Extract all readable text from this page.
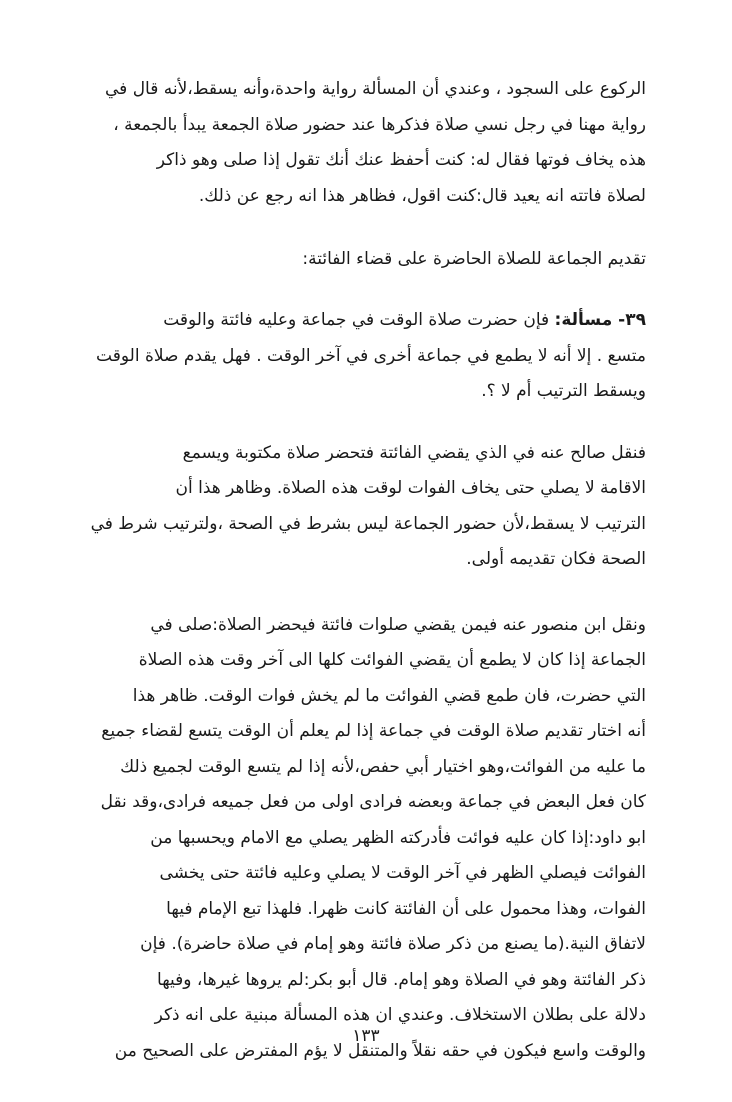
الركوع على السجود ، وعندي أن المسألة رواية واحدة،وأنه يسقط،لأنه قال في
رواية مهنا في رجل نسي صلاة فذكرها عند حضور صلاة الجمعة يبدأ بالجمعة ،
هذه يخاف فوتها فقال له: كنت أحفظ عنك أنك تقول إذا صلى وهو ذاكر
لصلاة فاتته انه يعيد قال:كنت اقول، فظاهر هذا انه رجع عن ذلك.
تقديم الجماعة للصلاة الحاضرة على قضاء الفائتة:
٣٩- مسألة: فإن حضرت صلاة الوقت في جماعة وعليه فائتة والوقت
متسع . إلا أنه لا يطمع في جماعة أخرى في آخر الوقت . فهل يقدم صلاة الوقت
ويسقط الترتيب أم لا ؟.
فنقل صالح عنه في الذي يقضي الفائتة فتحضر صلاة مكتوبة ويسمع
الاقامة لا يصلي حتى يخاف الفوات لوقت هذه الصلاة. وظاهر هذا أن
الترتيب لا يسقط،لأن حضور الجماعة ليس بشرط في الصحة ،ولترتيب شرط في
الصحة فكان تقديمه أولى.
ونقل ابن منصور عنه فيمن يقضي صلوات فائتة فيحضر الصلاة:صلى في
الجماعة إذا كان لا يطمع أن يقضي الفوائت كلها الى آخر وقت هذه الصلاة
التي حضرت، فان طمع قضي الفوائت ما لم يخش فوات الوقت. ظاهر هذا
أنه اختار تقديم صلاة الوقت في جماعة إذا لم يعلم أن الوقت يتسع لقضاء جميع
ما عليه من الفوائت،وهو اختيار أبي حفص،لأنه إذا لم يتسع الوقت لجميع ذلك
كان فعل البعض في جماعة وبعضه فرادى اولى من فعل جميعه فرادى،وقد نقل
ابو داود:إذا كان عليه فوائت فأدركته الظهر يصلي مع الامام ويحسبها من
الفوائت فيصلي الظهر في آخر الوقت لا يصلي وعليه فائتة حتى يخشى
الفوات، وهذا محمول على أن الفائتة كانت ظهرا. فلهذا تبع الإمام فيها
لاتفاق النية.(ما يصنع من ذكر صلاة فائتة وهو إمام في صلاة حاضرة). فإن
ذكر الفائتة وهو في الصلاة وهو إمام. قال أبو بكر:لم يروها غيرها، وفيها
دلالة على بطلان الاستخلاف. وعندي ان هذه المسألة مبنية على انه ذكر
والوقت واسع فيكون في حقه نقلاً والمتنقل لا يؤم المفترض على الصحيح من
١٣٣
